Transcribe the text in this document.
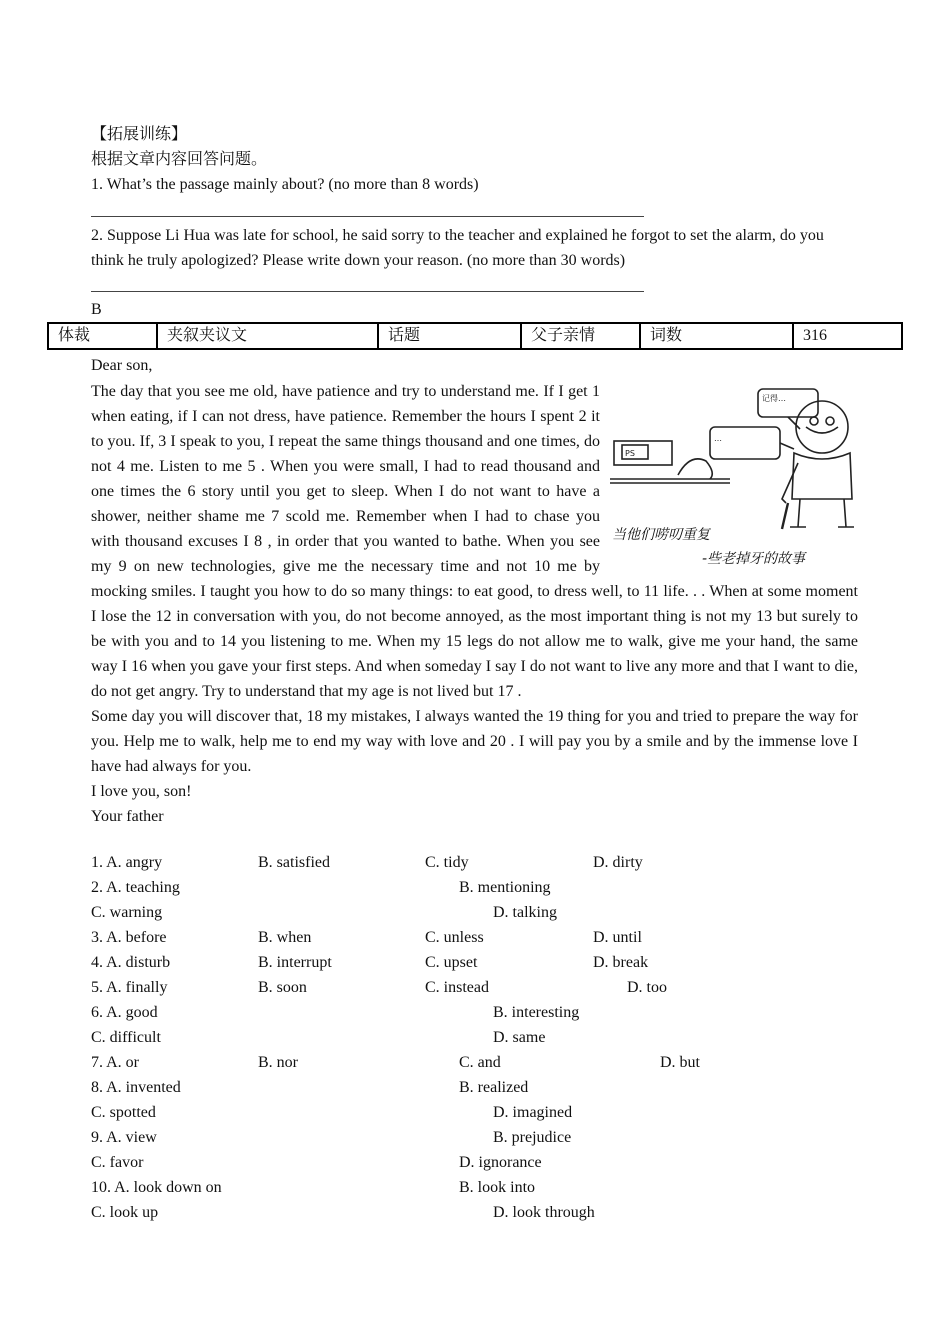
【拓展训练】
根据文章内容回答问题。
1. What’s the passage mainly about? (no more than 8 words)
2. Suppose Li Hua was late for school, he said sorry to the teacher and explained he forgot to set the alarm, do you
think he truly apologized? Please write down your reason. (no more than 30 words)
B
体裁	夹叙夹议文	话题	父子亲情	词数	316
Dear son,
记得…
…
PS
当他们唠叨重复
-些老掉牙的故事

The day that you see me old, have patience and try to understand me. If I get 1 when eating, if I can not dress, have patience. Remember the hours I spent 2 it to you. If, 3 I speak to you, I repeat the same things thousand and one times, do not 4 me. Listen to me 5 . When you were small, I had to read thousand and one times the 6 story until you get to sleep. When I do not want to have a shower, neither shame me 7 scold me. Remember when I had to chase you with thousand excuses I 8 , in order that you wanted to bathe. When you see my 9 on new technologies, give me the necessary time and not 10 me by mocking smiles. I taught you how to do so many things: to eat good, to dress well, to 11 life. . . When at some moment I lose the 12 in conversation with you, do not become annoyed, as the most important thing is not my 13 but surely to be with you and to 14 you listening to me. When my 15 legs do not allow me to walk, give me your hand, the same way I 16 when you gave your first steps. And when someday I say I do not want to live any more and that I want to die, do not get angry. Try to understand that my age is not lived but 17 .

Some day you will discover that, 18 my mistakes, I always wanted the 19 thing for you and tried to prepare the way for you. Help me to walk, help me to end my way with love and 20 . I will pay you by a smile and by the immense love I have had always for you.

I love you, son!

Your father

1. A. angry	B. satisfied	C. tidy	D. dirty
2. A. teaching	B. mentioning
C. warning	D. talking
3. A. before	B. when	C. unless	D. until
4. A. disturb	B. interrupt	C. upset	D. break
5. A. finally	B. soon	C. instead	D. too
6. A. good	B. interesting
C. difficult	D. same
7. A. or	B. nor	C. and	D. but
8. A. invented	B. realized
C. spotted	D. imagined
9. A. view	B. prejudice
C. favor	D. ignorance
10. A. look down on	B. look into
C. look up	D. look through
